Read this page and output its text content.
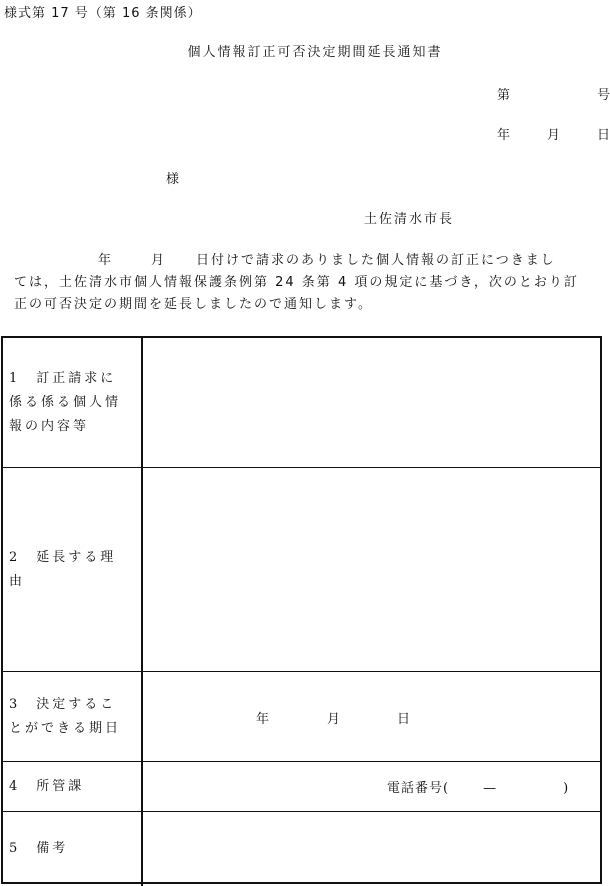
様式第 17 号（第 16 条関係）
個人情報訂正可否決定期間延長通知書
第	号
年	月	日
様
土佐清水市長
年	月 日付けで請求のありました個人情報の訂正につきまし
ては，土佐清水市個人情報保護条例第 24 条第 4 項の規定に基づき，次のとおり訂
正の可否決定の期間を延長しましたので通知します。
1　訂正請求に
係る係る個人情
報の内容等
2　延長する理
由
3　決定するこ
とができる期日
年	月	日
4　所管課	電話番号(	—	)
5　備考
